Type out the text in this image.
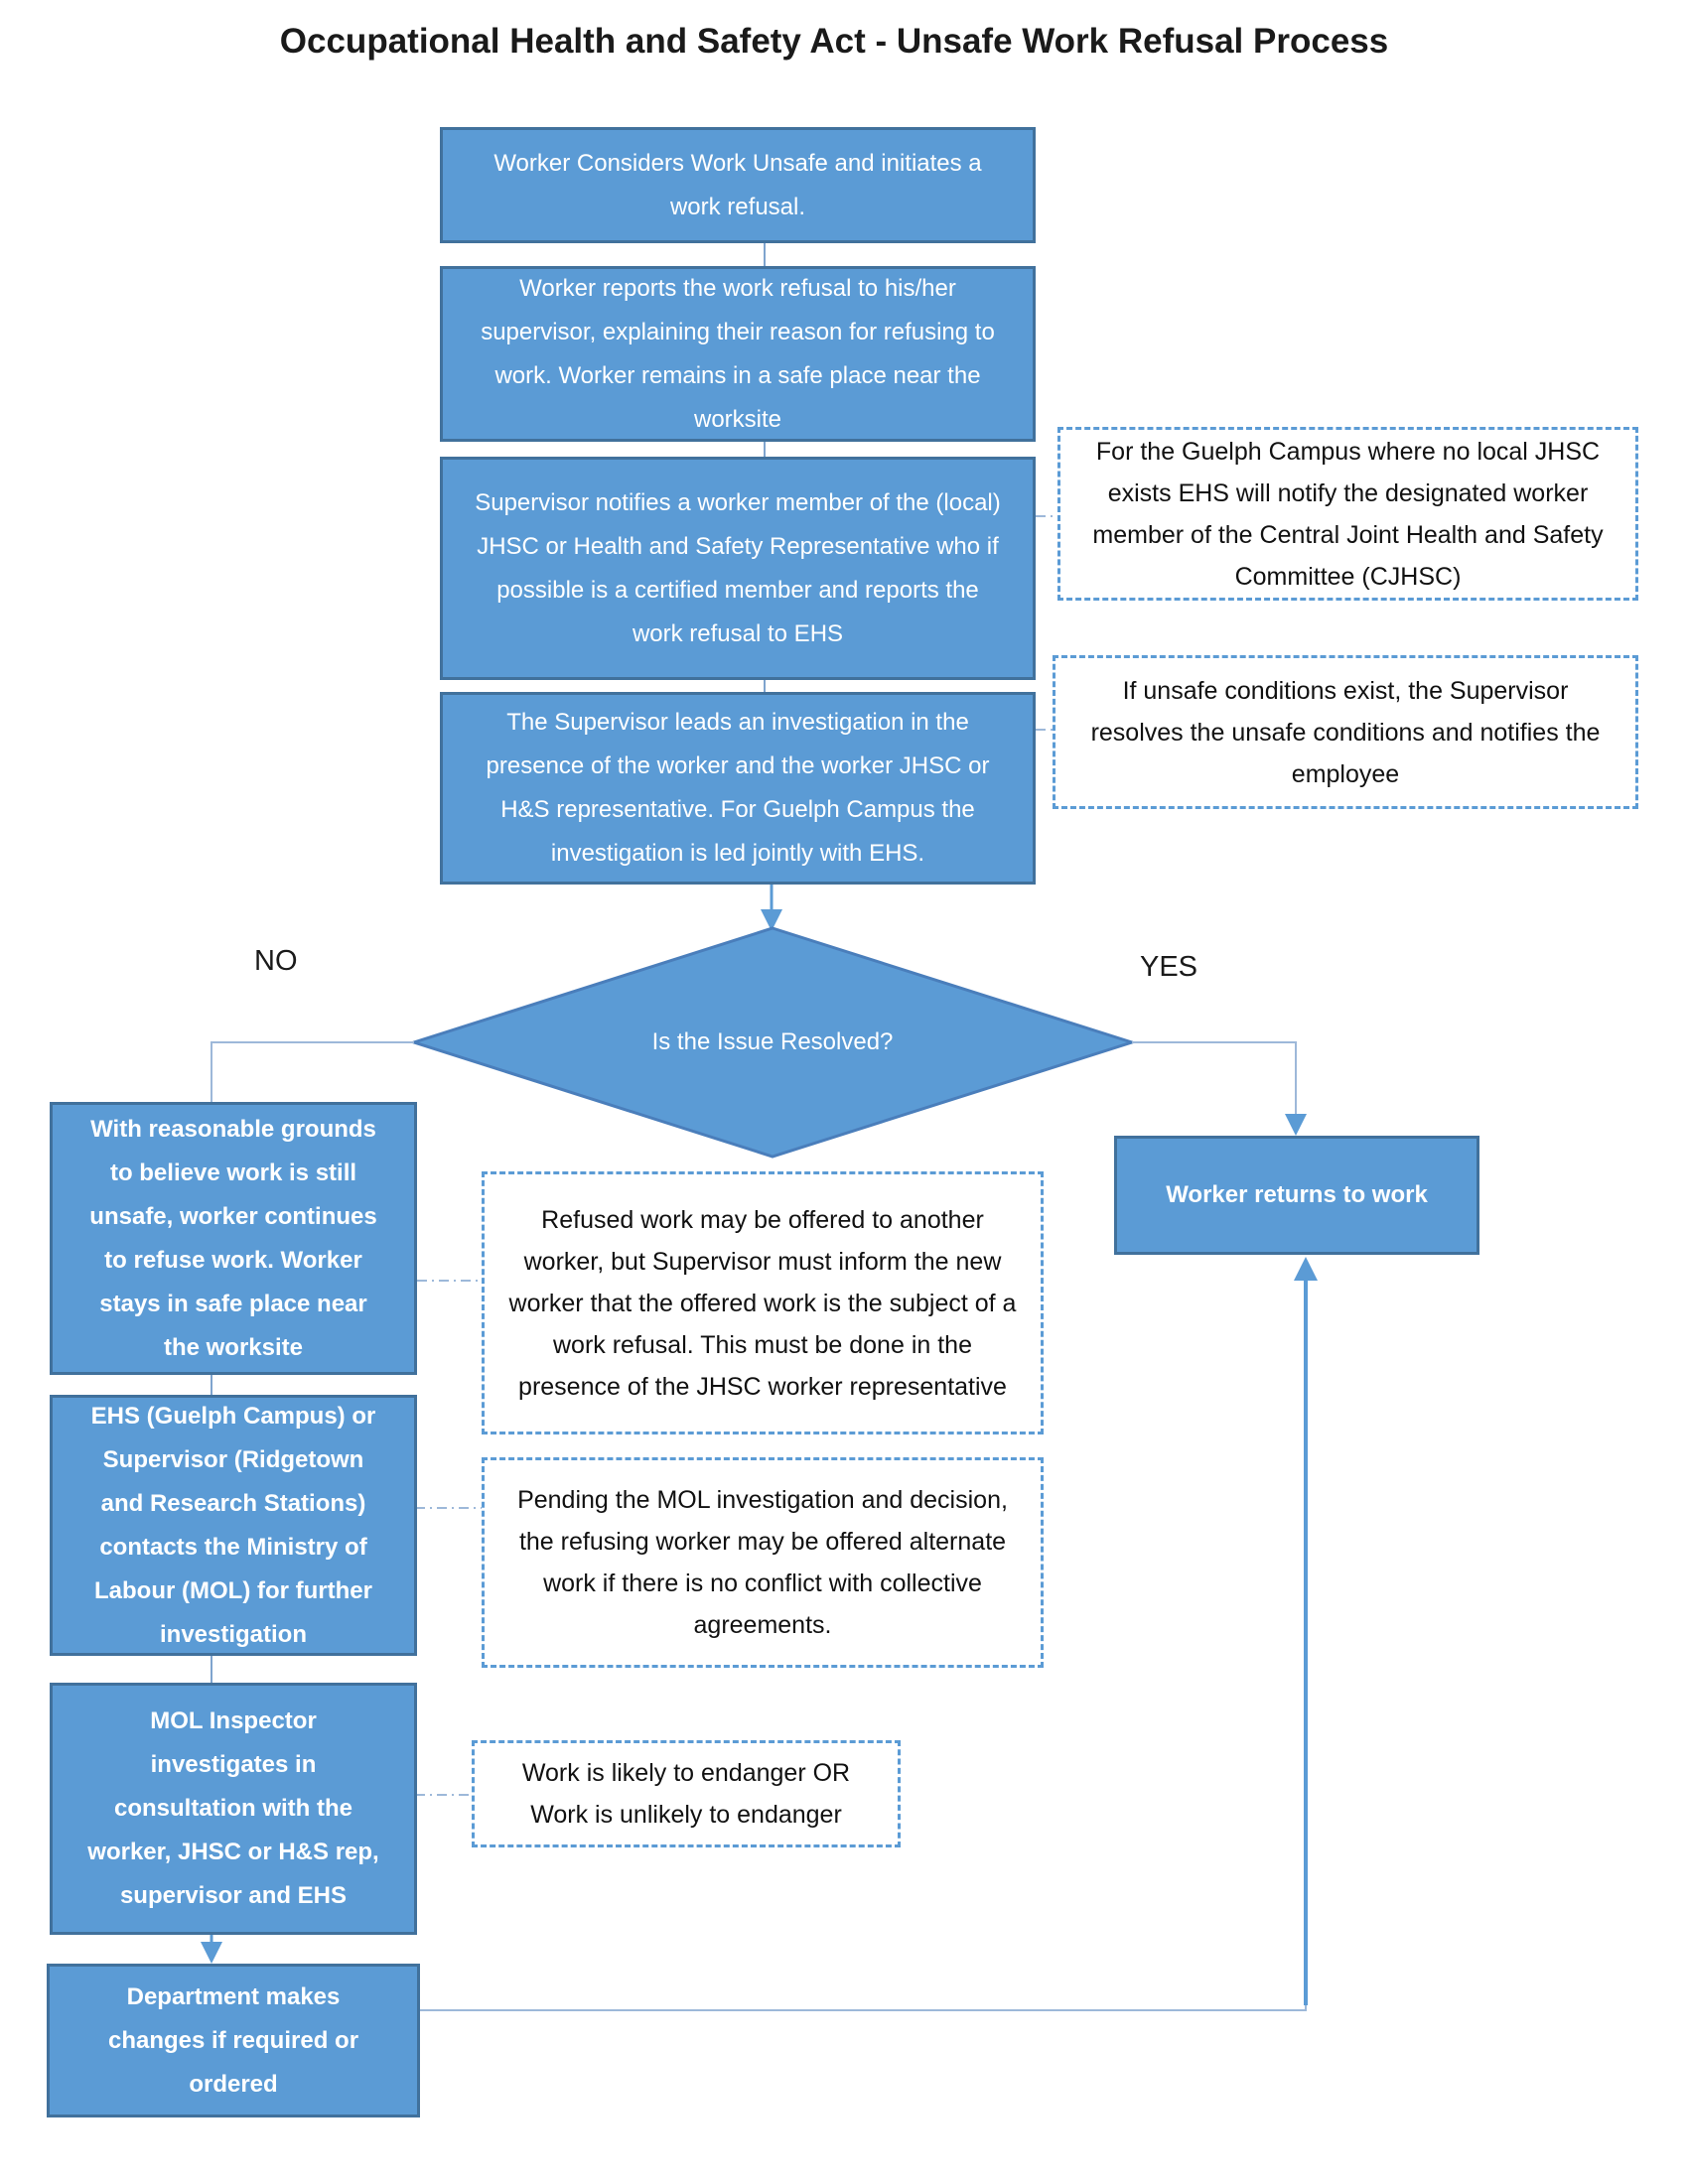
Occupational Health and Safety Act - Unsafe Work Refusal Process
Worker Considers Work Unsafe and initiates a work refusal.
Worker reports the work refusal to his/her supervisor, explaining their reason for refusing to work. Worker remains in a safe place near the worksite
Supervisor notifies a worker member of the (local) JHSC or Health and Safety Representative who if possible is a certified member and reports the work refusal to EHS
The Supervisor leads an investigation in the presence of the worker and the worker JHSC or H&S representative. For Guelph Campus the investigation is led jointly with EHS.
Is the Issue Resolved?
NO	YES
Worker returns to work
With reasonable grounds to believe work is still unsafe, worker continues to refuse work. Worker stays in safe place near the worksite
EHS (Guelph Campus) or Supervisor (Ridgetown and Research Stations) contacts the Ministry of Labour (MOL) for further investigation
MOL Inspector investigates in consultation with the worker, JHSC or H&S rep, supervisor and EHS
Department makes changes if required or ordered
For the Guelph Campus where no local JHSC exists EHS will notify the designated worker member of the Central Joint Health and Safety Committee (CJHSC)
If unsafe conditions exist, the Supervisor resolves the unsafe conditions and notifies the employee
Refused work may be offered to another worker, but Supervisor must inform the new worker that the offered work is the subject of a work refusal. This must be done in the presence of the JHSC worker representative
Pending the MOL investigation and decision, the refusing worker may be offered alternate work if there is no conflict with collective agreements.
Work is likely to endanger OR Work is unlikely to endanger
